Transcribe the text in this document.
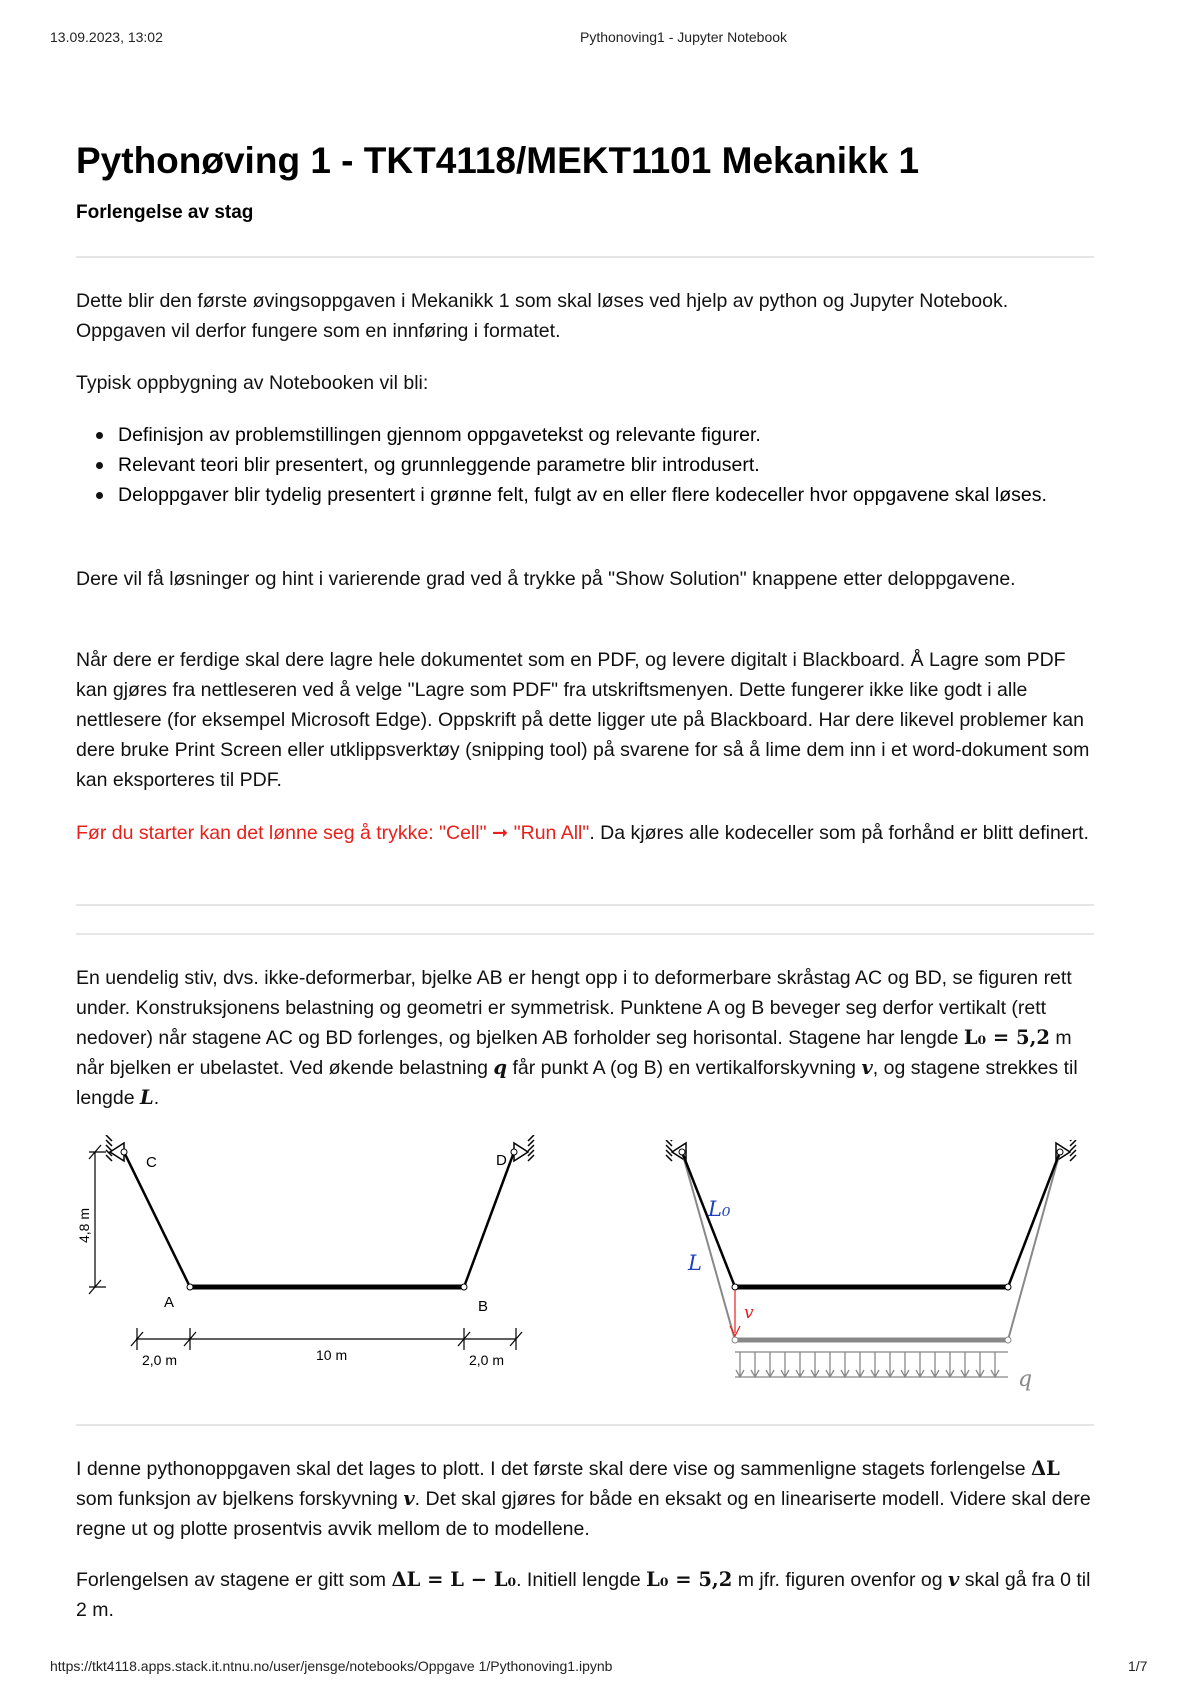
13.09.2023, 13:02	Pythonoving1 - Jupyter Notebook
Pythonøving 1 - TKT4118/MEKT1101 Mekanikk 1
Forlengelse av stag
Dette blir den første øvingsoppgaven i Mekanikk 1 som skal løses ved hjelp av python og Jupyter Notebook. Oppgaven vil derfor fungere som en innføring i formatet.
Typisk oppbygning av Notebooken vil bli:
Definisjon av problemstillingen gjennom oppgavetekst og relevante figurer.
Relevant teori blir presentert, og grunnleggende parametre blir introdusert.
Deloppgaver blir tydelig presentert i grønne felt, fulgt av en eller flere kodeceller hvor oppgavene skal løses.
Dere vil få løsninger og hint i varierende grad ved å trykke på "Show Solution" knappene etter deloppgavene.
Når dere er ferdige skal dere lagre hele dokumentet som en PDF, og levere digitalt i Blackboard. Å Lagre som PDF kan gjøres fra nettleseren ved å velge "Lagre som PDF" fra utskriftsmenyen. Dette fungerer ikke like godt i alle nettlesere (for eksempel Microsoft Edge). Oppskrift på dette ligger ute på Blackboard. Har dere likevel problemer kan dere bruke Print Screen eller utklippsverktøy (snipping tool) på svarene for så å lime dem inn i et word-dokument som kan eksporteres til PDF.
Før du starter kan det lønne seg å trykke: "Cell" ➞ "Run All". Da kjøres alle kodeceller som på forhånd er blitt definert.
En uendelig stiv, dvs. ikke-deformerbar, bjelke AB er hengt opp i to deformerbare skråstag AC og BD, se figuren rett under. Konstruksjonens belastning og geometri er symmetrisk. Punktene A og B beveger seg derfor vertikalt (rett nedover) når stagene AC og BD forlenges, og bjelken AB forholder seg horisontal. Stagene har lengde L₀ = 5,2 m når bjelken er ubelastet. Ved økende belastning q får punkt A (og B) en vertikalforskyvning v, og stagene strekkes til lengde L.
C	D
A	B
4,8 m
2,0 m	10 m	2,0 m
L₀
L
v
q
I denne pythonoppgaven skal det lages to plott. I det første skal dere vise og sammenligne stagets forlengelse ΔL som funksjon av bjelkens forskyvning v. Det skal gjøres for både en eksakt og en lineariserte modell. Videre skal dere regne ut og plotte prosentvis avvik mellom de to modellene.
Forlengelsen av stagene er gitt som ΔL = L − L₀. Initiell lengde L₀ = 5,2 m jfr. figuren ovenfor og v skal gå fra 0 til 2 m.
https://tkt4118.apps.stack.it.ntnu.no/user/jensge/notebooks/Oppgave 1/Pythonoving1.ipynb	1/7
